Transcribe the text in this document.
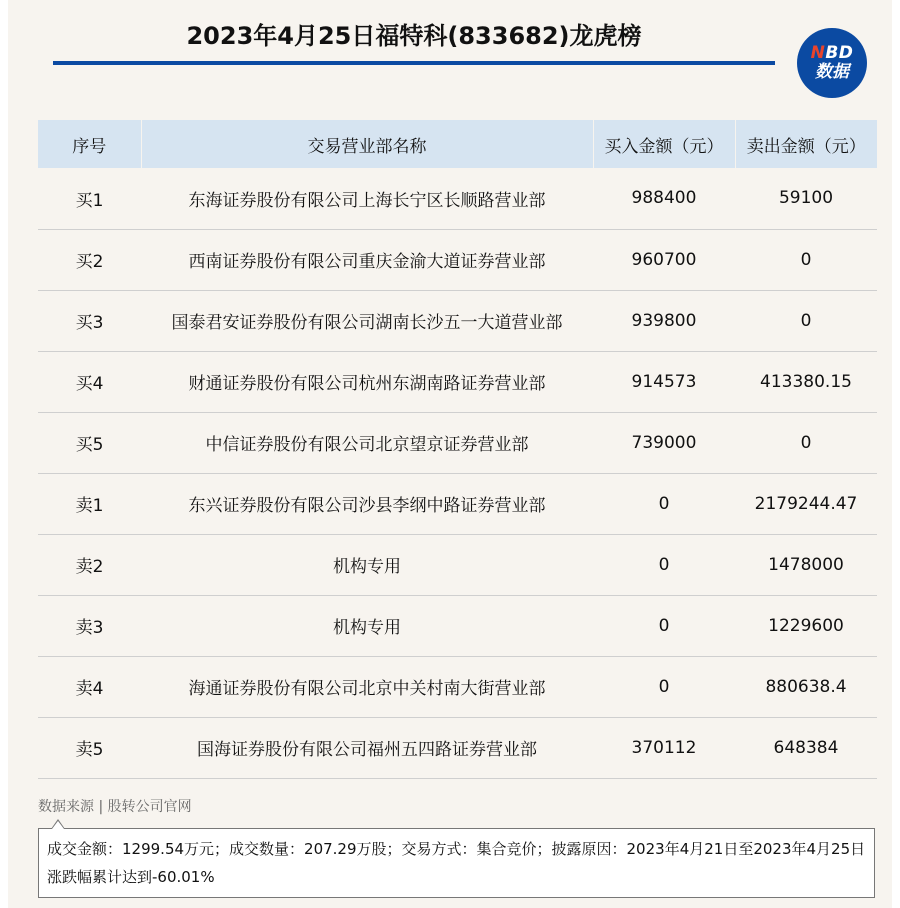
2023年4月25日福特科(833682)龙虎榜
NBD
数据
序号	交易营业部名称	买入金额（元）	卖出金额（元）
买1	东海证券股份有限公司上海长宁区长顺路营业部	988400	59100
买2	西南证券股份有限公司重庆金渝大道证券营业部	960700	0
买3	国泰君安证券股份有限公司湖南长沙五一大道营业部	939800	0
买4	财通证券股份有限公司杭州东湖南路证券营业部	914573	413380.15
买5	中信证券股份有限公司北京望京证券营业部	739000	0
卖1	东兴证券股份有限公司沙县李纲中路证券营业部	0	2179244.47
卖2	机构专用	0	1478000
卖3	机构专用	0	1229600
卖4	海通证券股份有限公司北京中关村南大街营业部	0	880638.4
卖5	国海证券股份有限公司福州五四路证券营业部	370112	648384
数据来源 | 股转公司官网
成交金额：1299.54万元；成交数量：207.29万股；交易方式：集合竞价；披露原因：2023年4月21日至2023年4月25日涨跌幅累计达到-60.01%
